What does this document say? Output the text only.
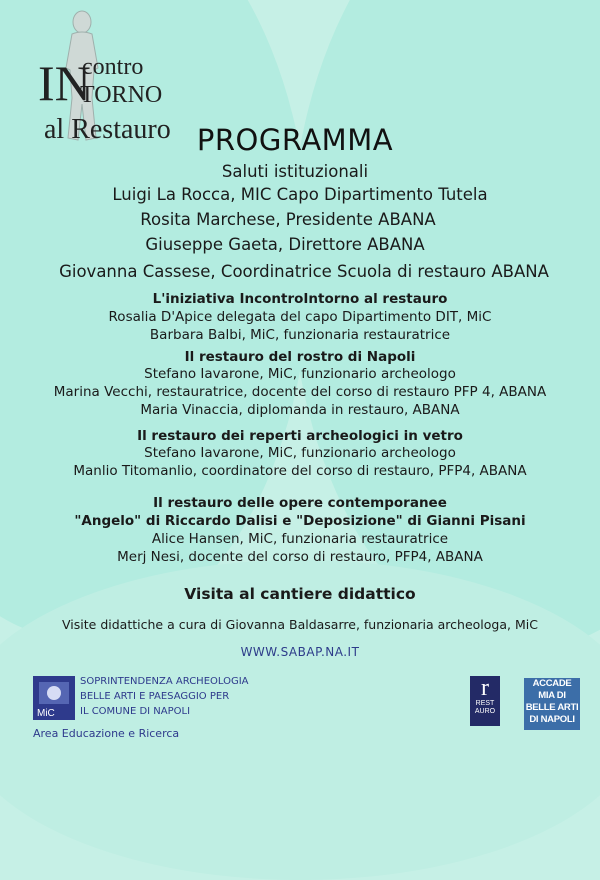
IN
contro
TORNO
al Restauro PROGRAMMA
Saluti istituzionali
Luigi La Rocca, MIC Capo Dipartimento Tutela
Rosita Marchese, Presidente ABANA
Giuseppe Gaeta, Direttore ABANA
Giovanna Cassese, Coordinatrice Scuola di restauro ABANA
L'iniziativa IncontroIntorno al restauro
Rosalia D'Apice delegata del capo Dipartimento DIT, MiC
Barbara Balbi, MiC, funzionaria restauratrice
Il restauro del rostro di Napoli
Stefano Iavarone, MiC, funzionario archeologo
Marina Vecchi, restauratrice, docente del corso di restauro PFP 4, ABANA
Maria Vinaccia, diplomanda in restauro, ABANA
Il restauro dei reperti archeologici in vetro
Stefano Iavarone, MiC, funzionario archeologo
Manlio Titomanlio, coordinatore del corso di restauro, PFP4, ABANA
Il restauro delle opere contemporanee
"Angelo" di Riccardo Dalisi e "Deposizione" di Gianni Pisani
Alice Hansen, MiC, funzionaria restauratrice
Merj Nesi, docente del corso di restauro, PFP4, ABANA
Visita al cantiere didattico
Visite didattiche a cura di Giovanna Baldasarre, funzionaria archeologa, MiC
WWW.SABAP.NA.IT
MiC
SOPRINTENDENZA ARCHEOLOGIA
BELLE ARTI E PAESAGGIO PER
IL COMUNE DI NAPOLI
Area Educazione e Ricerca
r
REST
AURO
ACCADE
MIA DI
BELLE ARTI
DI NAPOLI
